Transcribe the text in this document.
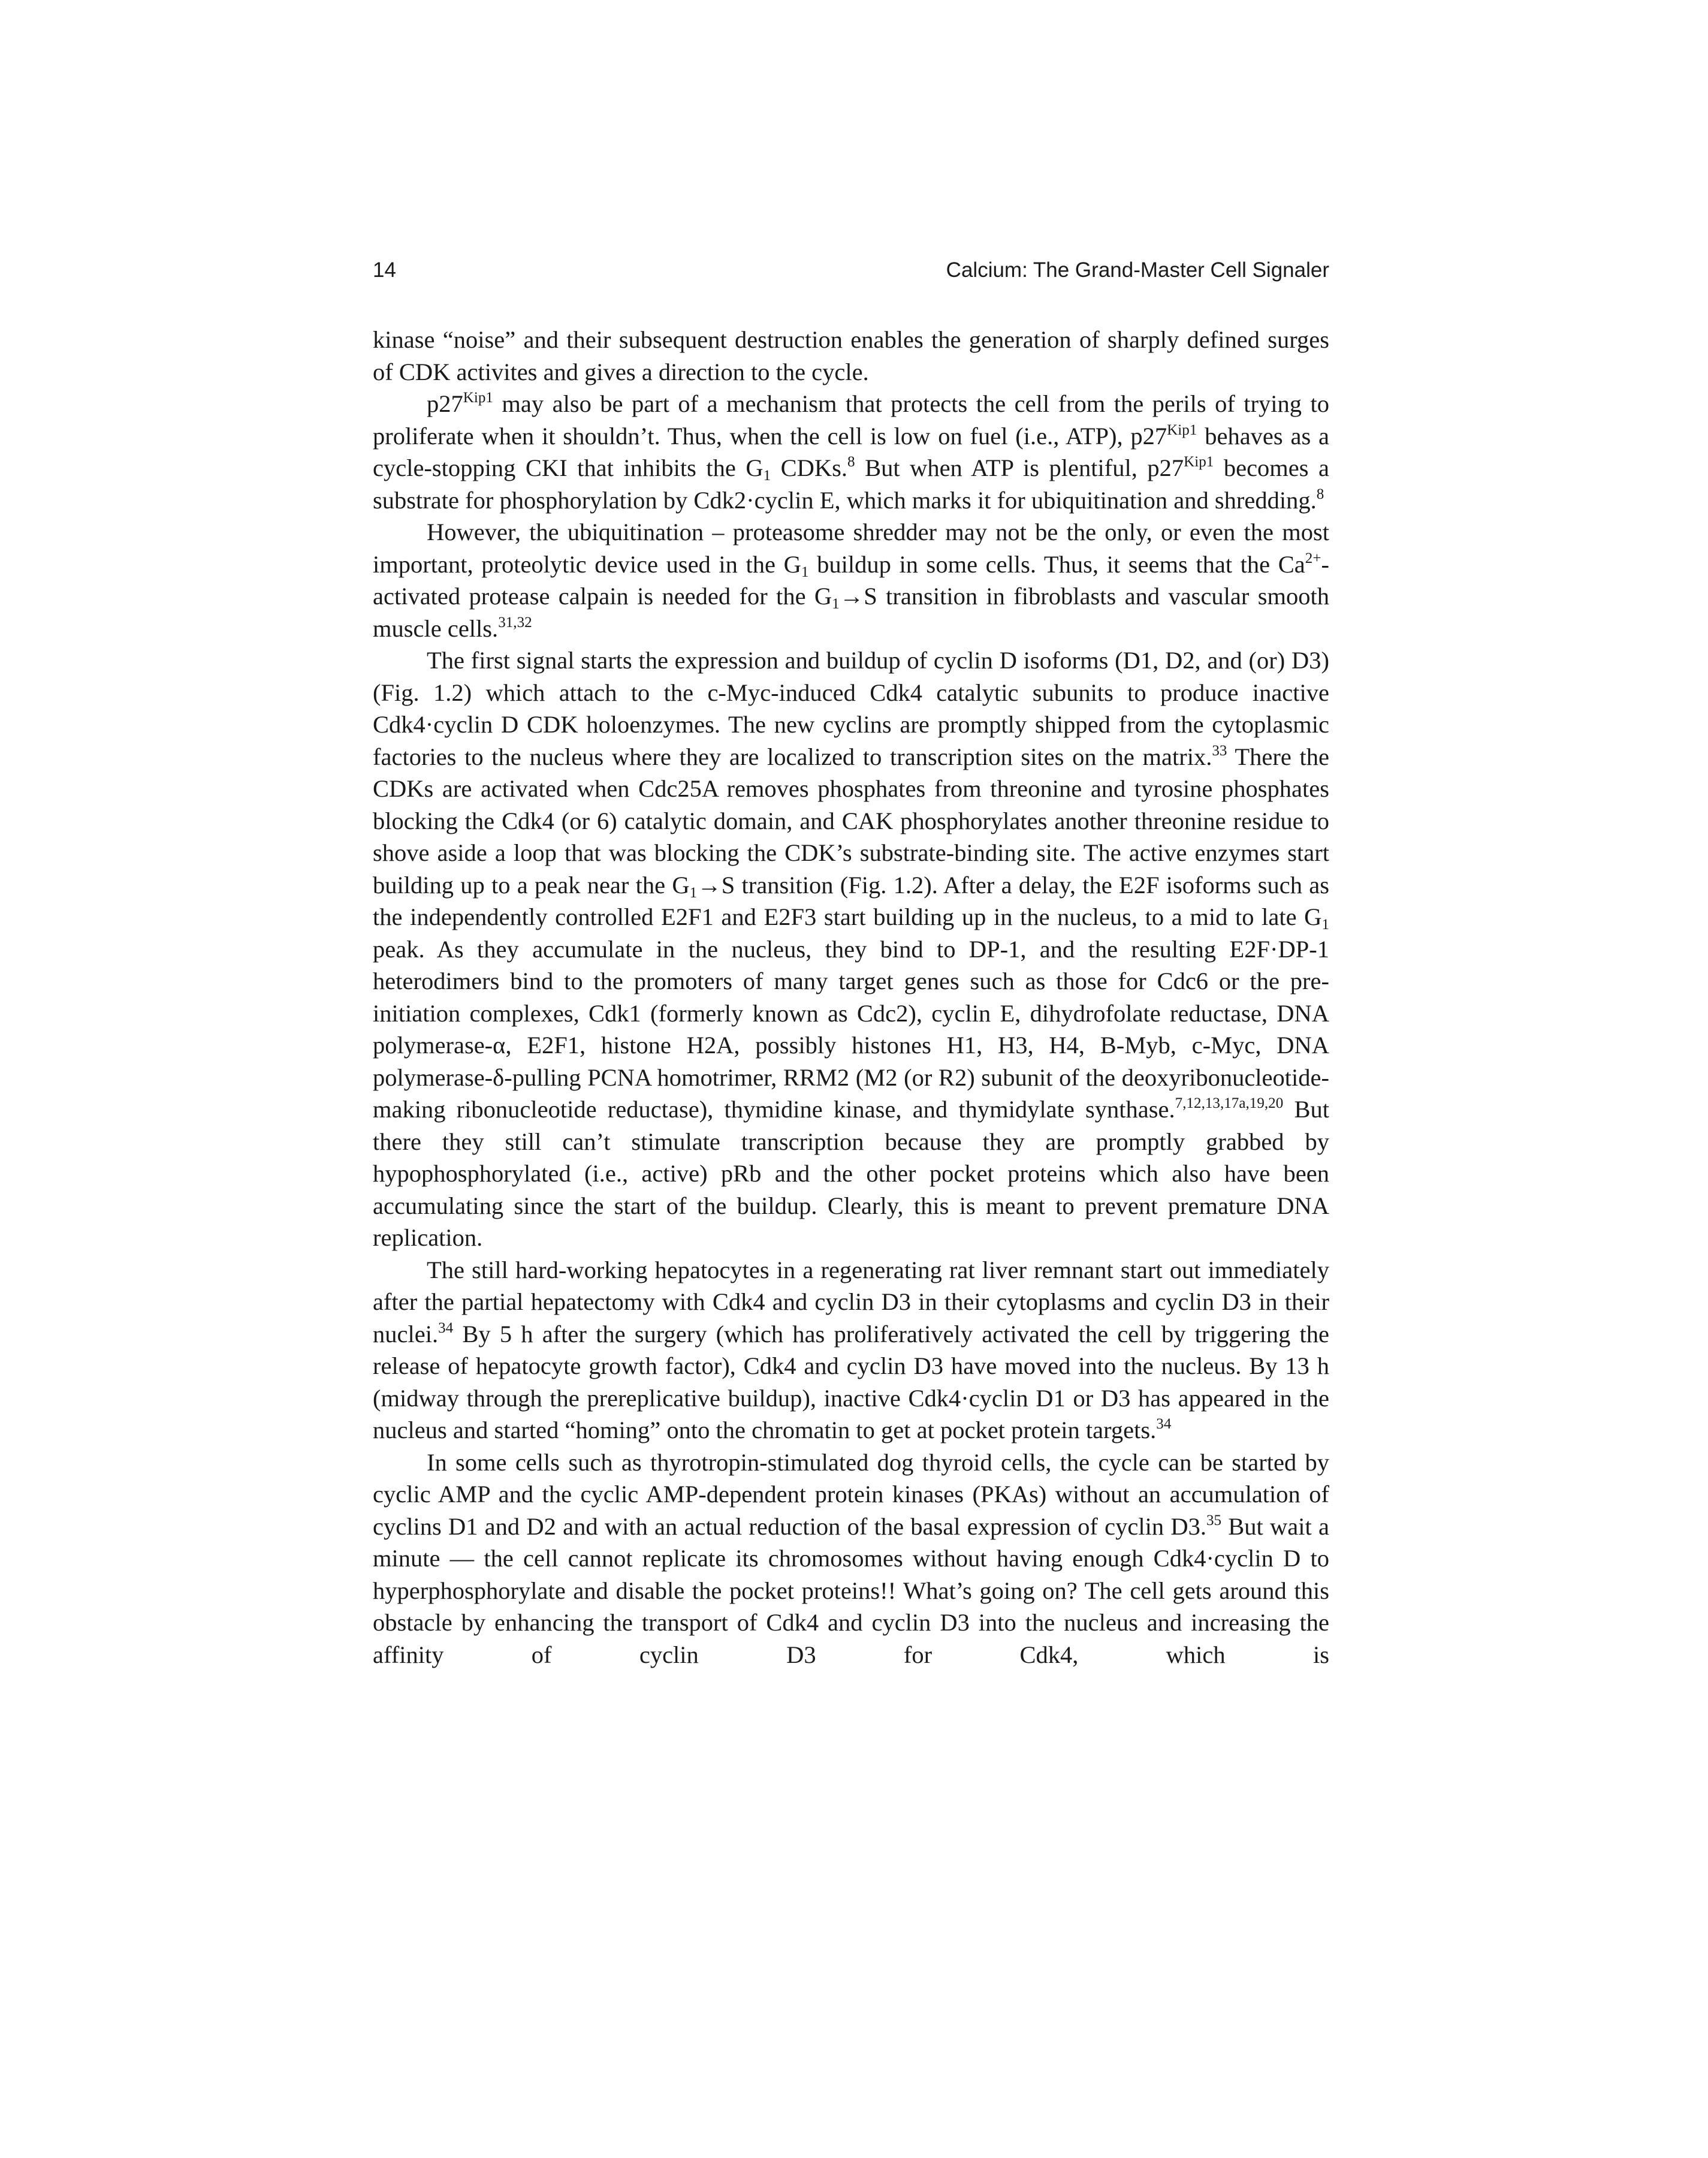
14	Calcium: The Grand-Master Cell Signaler

kinase “noise” and their subsequent destruction enables the generation of sharply defined surges of CDK activites and gives a direction to the cycle.

$p27^{Kip1}$ may also be part of a mechanism that protects the cell from the perils of trying to proliferate when it shouldn’t. Thus, when the cell is low on fuel (i.e., ATP), $p27^{Kip1}$ behaves as a cycle-stopping CKI that inhibits the $G_1$ CDKs.$^8$ But when ATP is plentiful, $p27^{Kip1}$ becomes a substrate for phosphorylation by Cdk2·cyclin E, which marks it for ubiquitination and shredding.$^8$

However, the ubiquitination – proteasome shredder may not be the only, or even the most important, proteolytic device used in the $G_1$ buildup in some cells. Thus, it seems that the $Ca^{2+}$-activated protease calpain is needed for the $G_1\to S$ transition in fibroblasts and vascular smooth muscle cells.$^{31,32}$

The first signal starts the expression and buildup of cyclin D isoforms (D1, D2, and (or) D3) (Fig. 1.2) which attach to the c-Myc-induced Cdk4 catalytic subunits to produce inactive Cdk4·cyclin D CDK holoenzymes. The new cyclins are promptly shipped from the cytoplasmic factories to the nucleus where they are localized to transcription sites on the matrix.$^{33}$ There the CDKs are activated when Cdc25A removes phosphates from threonine and tyrosine phosphates blocking the Cdk4 (or 6) catalytic domain, and CAK phosphorylates another threonine residue to shove aside a loop that was blocking the CDK’s substrate-binding site. The active enzymes start building up to a peak near the $G_1\to S$ transition (Fig. 1.2). After a delay, the E2F isoforms such as the independently controlled E2F1 and E2F3 start building up in the nucleus, to a mid to late $G_1$ peak. As they accumulate in the nucleus, they bind to DP-1, and the resulting E2F·DP-1 heterodimers bind to the promoters of many target genes such as those for Cdc6 or the pre-initiation complexes, Cdk1 (formerly known as Cdc2), cyclin E, dihydrofolate reductase, DNA polymerase-α, E2F1, histone H2A, possibly histones H1, H3, H4, B-Myb, c-Myc, DNA polymerase-δ-pulling PCNA homotrimer, RRM2 (M2 (or R2) subunit of the deoxyribonucleotide-making ribonucleotide reductase), thymidine kinase, and thymidylate synthase.$^{7,12,13,17a,19,20}$ But there they still can’t stimulate transcription because they are promptly grabbed by hypophosphorylated (i.e., active) pRb and the other pocket proteins which also have been accumulating since the start of the buildup. Clearly, this is meant to prevent premature DNA replication.

The still hard-working hepatocytes in a regenerating rat liver remnant start out immediately after the partial hepatectomy with Cdk4 and cyclin D3 in their cytoplasms and cyclin D3 in their nuclei.$^{34}$ By 5 h after the surgery (which has proliferatively activated the cell by triggering the release of hepatocyte growth factor), Cdk4 and cyclin D3 have moved into the nucleus. By 13 h (midway through the prereplicative buildup), inactive Cdk4·cyclin D1 or D3 has appeared in the nucleus and started “homing” onto the chromatin to get at pocket protein targets.$^{34}$

In some cells such as thyrotropin-stimulated dog thyroid cells, the cycle can be started by cyclic AMP and the cyclic AMP-dependent protein kinases (PKAs) without an accumulation of cyclins D1 and D2 and with an actual reduction of the basal expression of cyclin D3.35 But wait a minute — the cell cannot replicate its chromosomes without having enough Cdk4·cyclin D to hyperphosphorylate and disable the pocket proteins!! What’s going on? The cell gets around this obstacle by enhancing the transport of Cdk4 and cyclin D3 into the nucleus and increasing the affinity of cyclin D3 for Cdk4, which is
